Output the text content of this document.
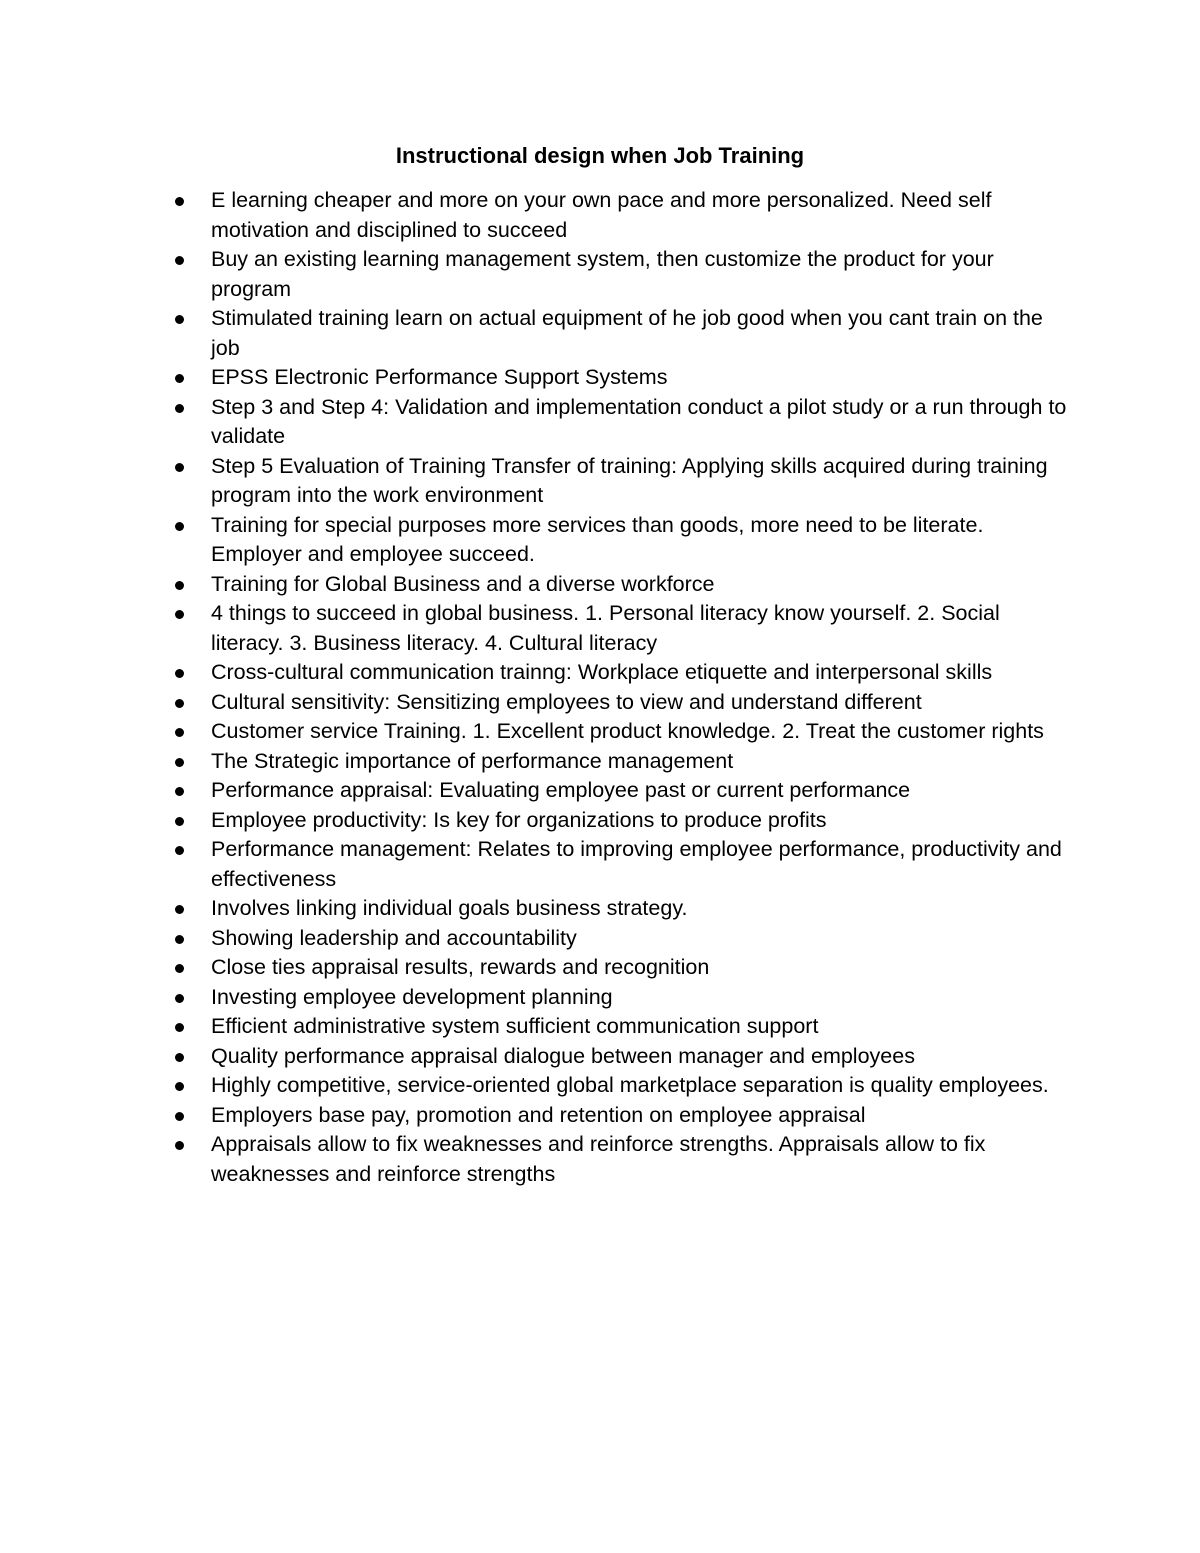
Instructional design when Job Training
E learning cheaper and more on your own pace and more personalized. Need self motivation and disciplined to succeed
Buy an existing learning management system, then customize the product for your program
Stimulated training learn on actual equipment of he job good when you cant train on the job
EPSS Electronic Performance Support Systems
Step 3 and Step 4: Validation and implementation conduct a pilot study or a run through to validate
Step 5 Evaluation of Training Transfer of training: Applying skills acquired during training program into the work environment
Training for special purposes more services than goods, more need to be literate. Employer and employee succeed.
Training for Global Business and a diverse workforce
4 things to succeed in global business. 1. Personal literacy know yourself. 2. Social literacy. 3. Business literacy. 4. Cultural literacy
Cross-cultural communication trainng: Workplace etiquette and interpersonal skills
Cultural sensitivity: Sensitizing employees to view and understand different
Customer service Training. 1. Excellent product knowledge. 2. Treat the customer rights
The Strategic importance of performance management
Performance appraisal: Evaluating employee past or current performance
Employee productivity: Is key for organizations to produce profits
Performance management: Relates to improving employee performance, productivity and effectiveness
Involves linking individual goals business strategy.
Showing leadership and accountability
Close ties appraisal results, rewards and recognition
Investing employee development planning
Efficient administrative system sufficient communication support
Quality performance appraisal dialogue between manager and employees
Highly competitive, service-oriented global marketplace separation is quality employees.
Employers base pay, promotion and retention on employee appraisal
Appraisals allow to fix weaknesses and reinforce strengths. Appraisals allow to fix weaknesses and reinforce strengths
